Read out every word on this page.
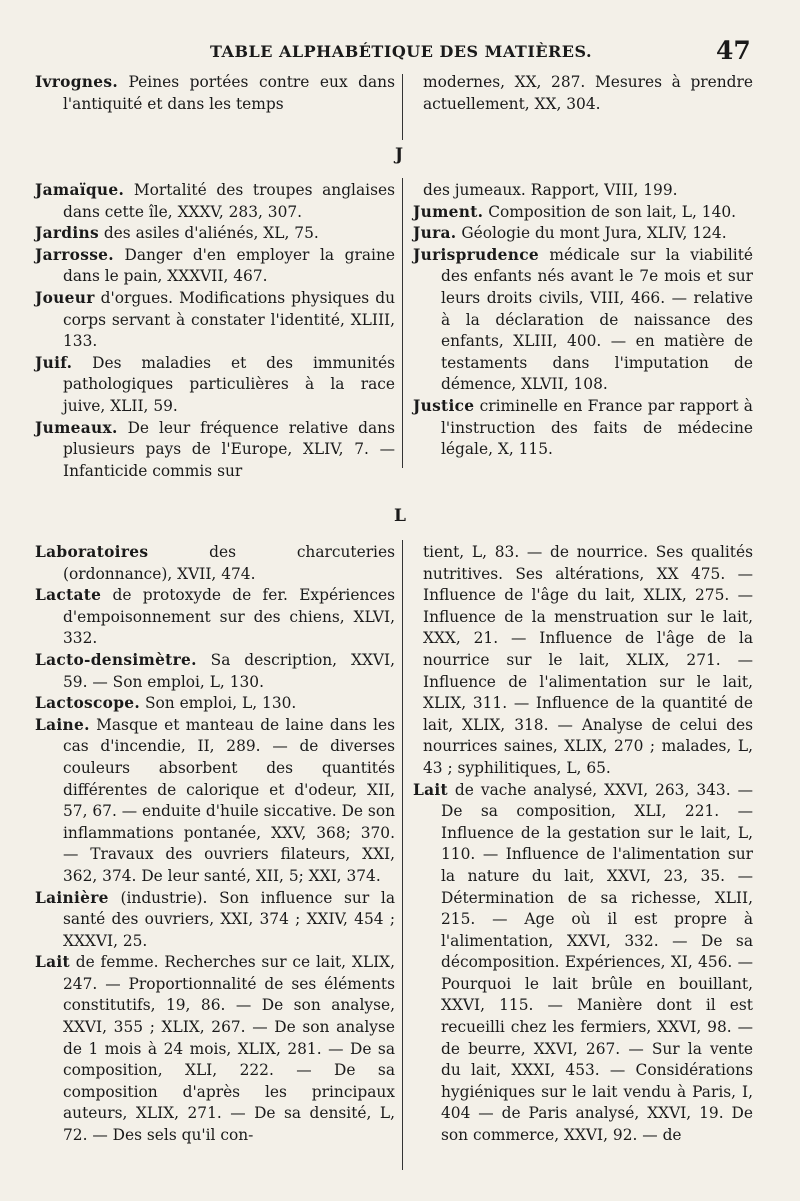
TABLE ALPHABÉTIQUE DES MATIÈRES.	47

Ivrognes. Peines portées contre eux dans l'antiquité et dans les temps

modernes, XX, 287. Mesures à prendre actuellement, XX, 304.

J

Jamaïque. Mortalité des troupes anglaises dans cette île, XXXV, 283, 307.

Jardins des asiles d'aliénés, XL, 75.

Jarrosse. Danger d'en employer la graine dans le pain, XXXVII, 467.

Joueur d'orgues. Modifications physiques du corps servant à constater l'identité, XLIII, 133.

Juif. Des maladies et des immunités pathologiques particulières à la race juive, XLII, 59.

Jumeaux. De leur fréquence relative dans plusieurs pays de l'Europe, XLIV, 7. — Infanticide commis sur

des jumeaux. Rapport, VIII, 199.

Jument. Composition de son lait, L, 140.

Jura. Géologie du mont Jura, XLIV, 124.

Jurisprudence médicale sur la viabilité des enfants nés avant le 7e mois et sur leurs droits civils, VIII, 466. — relative à la déclaration de naissance des enfants, XLIII, 400. — en matière de testaments dans l'imputation de démence, XLVII, 108.

Justice criminelle en France par rapport à l'instruction des faits de médecine légale, X, 115.

L

Laboratoires des charcuteries (ordonnance), XVII, 474.

Lactate de protoxyde de fer. Expériences d'empoisonnement sur des chiens, XLVI, 332.

Lacto-densimètre. Sa description, XXVI, 59. — Son emploi, L, 130.

Lactoscope. Son emploi, L, 130.

Laine. Masque et manteau de laine dans les cas d'incendie, II, 289. — de diverses couleurs absorbent des quantités différentes de calorique et d'odeur, XII, 57, 67. — enduite d'huile siccative. De son inflammations pontanée, XXV, 368; 370. — Travaux des ouvriers filateurs, XXI, 362, 374. De leur santé, XII, 5; XXI, 374.

Lainière (industrie). Son influence sur la santé des ouvriers, XXI, 374 ; XXIV, 454 ; XXXVI, 25.

Lait de femme. Recherches sur ce lait, XLIX, 247. — Proportionnalité de ses éléments constitutifs, 19, 86. — De son analyse, XXVI, 355 ; XLIX, 267. — De son analyse de 1 mois à 24 mois, XLIX, 281. — De sa composition, XLI, 222. — De sa composition d'après les principaux auteurs, XLIX, 271. — De sa densité, L, 72. — Des sels qu'il con-

tient, L, 83. — de nourrice. Ses qualités nutritives. Ses altérations, XX 475. — Influence de l'âge du lait, XLIX, 275. — Influence de la menstruation sur le lait, XXX, 21. — Influence de l'âge de la nourrice sur le lait, XLIX, 271. — Influence de l'alimentation sur le lait, XLIX, 311. — Influence de la quantité de lait, XLIX, 318. — Analyse de celui des nourrices saines, XLIX, 270 ; malades, L, 43 ; syphilitiques, L, 65.

Lait de vache analysé, XXVI, 263, 343. — De sa composition, XLI, 221. — Influence de la gestation sur le lait, L, 110. — Influence de l'alimentation sur la nature du lait, XXVI, 23, 35. — Détermination de sa richesse, XLII, 215. — Age où il est propre à l'alimentation, XXVI, 332. — De sa décomposition. Expériences, XI, 456. — Pourquoi le lait brûle en bouillant, XXVI, 115. — Manière dont il est recueilli chez les fermiers, XXVI, 98. — de beurre, XXVI, 267. — Sur la vente du lait, XXXI, 453. — Considérations hygiéniques sur le lait vendu à Paris, I, 404 — de Paris analysé, XXVI, 19. De son commerce, XXVI, 92. — de
